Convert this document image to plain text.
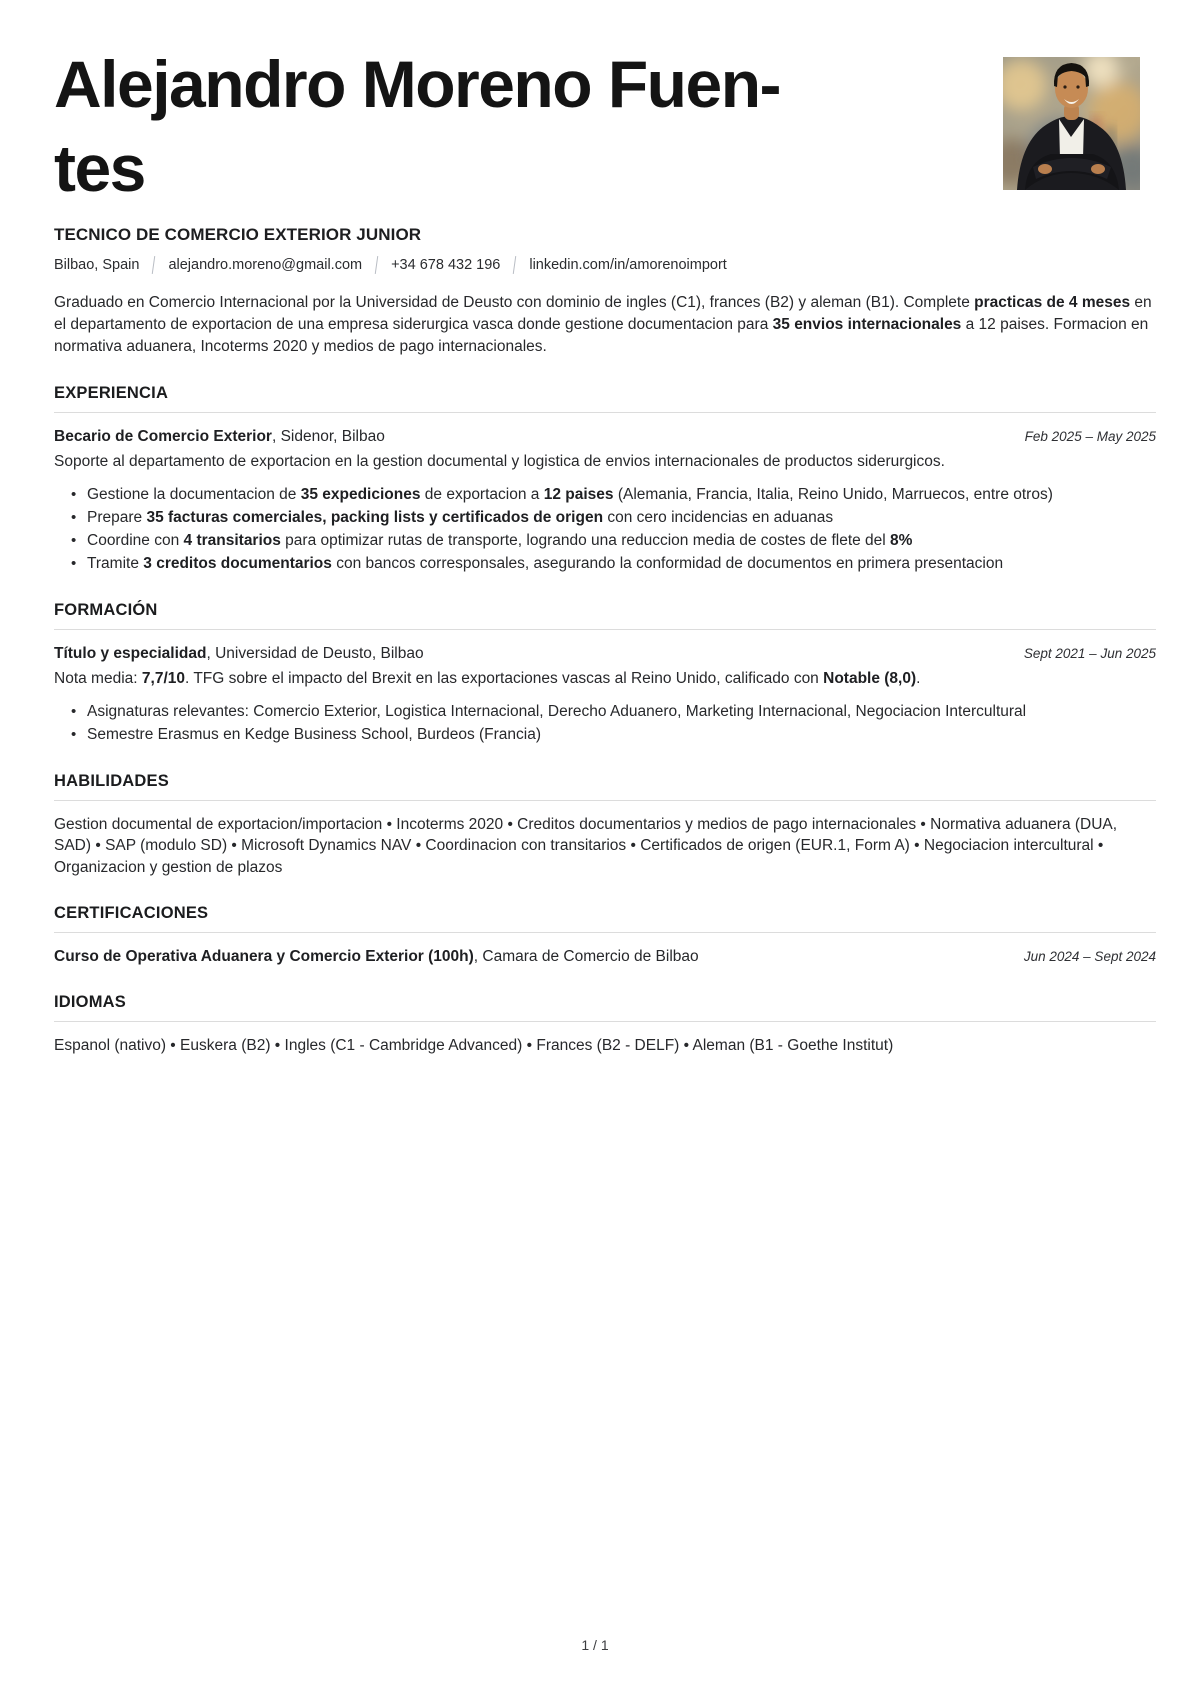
Alejandro Moreno Fuen-
tes
TECNICO DE COMERCIO EXTERIOR JUNIOR
Bilbao, Spain alejandro.moreno@gmail.com +34 678 432 196 linkedin.com/in/amorenoimport

Graduado en Comercio Internacional por la Universidad de Deusto con dominio de ingles (C1), frances (B2) y aleman (B1). Complete practicas de 4 meses en el departamento de exportacion de una empresa siderurgica vasca donde gestione documentacion para 35 envios internacionales a 12 paises. Formacion en normativa aduanera, Incoterms 2020 y medios de pago internacionales.

EXPERIENCIA
Becario de Comercio Exterior, Sidenor, Bilbao	Feb 2025 – May 2025
Soporte al departamento de exportacion en la gestion documental y logistica de envios internacionales de productos siderurgicos.
• Gestione la documentacion de 35 expediciones de exportacion a 12 paises (Alemania, Francia, Italia, Reino Unido, Marruecos, entre otros)
• Prepare 35 facturas comerciales, packing lists y certificados de origen con cero incidencias en aduanas
• Coordine con 4 transitarios para optimizar rutas de transporte, logrando una reduccion media de costes de flete del 8%
• Tramite 3 creditos documentarios con bancos corresponsales, asegurando la conformidad de documentos en primera presentacion
FORMACIÓN
Título y especialidad, Universidad de Deusto, Bilbao	Sept 2021 – Jun 2025
Nota media: 7,7/10. TFG sobre el impacto del Brexit en las exportaciones vascas al Reino Unido, calificado con Notable (8,0).
• Asignaturas relevantes: Comercio Exterior, Logistica Internacional, Derecho Aduanero, Marketing Internacional, Negociacion Intercultural
• Semestre Erasmus en Kedge Business School, Burdeos (Francia)
HABILIDADES

Gestion documental de exportacion/importacion • Incoterms 2020 • Creditos documentarios y medios de pago internacionales • Normativa aduanera (DUA, SAD) • SAP (modulo SD) • Microsoft Dynamics NAV • Coordinacion con transitarios • Certificados de origen (EUR.1, Form A) • Negociacion intercultural • Organizacion y gestion de plazos

CERTIFICACIONES
Curso de Operativa Aduanera y Comercio Exterior (100h), Camara de Comercio de Bilbao	Jun 2024 – Sept 2024
IDIOMAS

Espanol (nativo) • Euskera (B2) • Ingles (C1 - Cambridge Advanced) • Frances (B2 - DELF) • Aleman (B1 - Goethe Institut)

1 / 1
